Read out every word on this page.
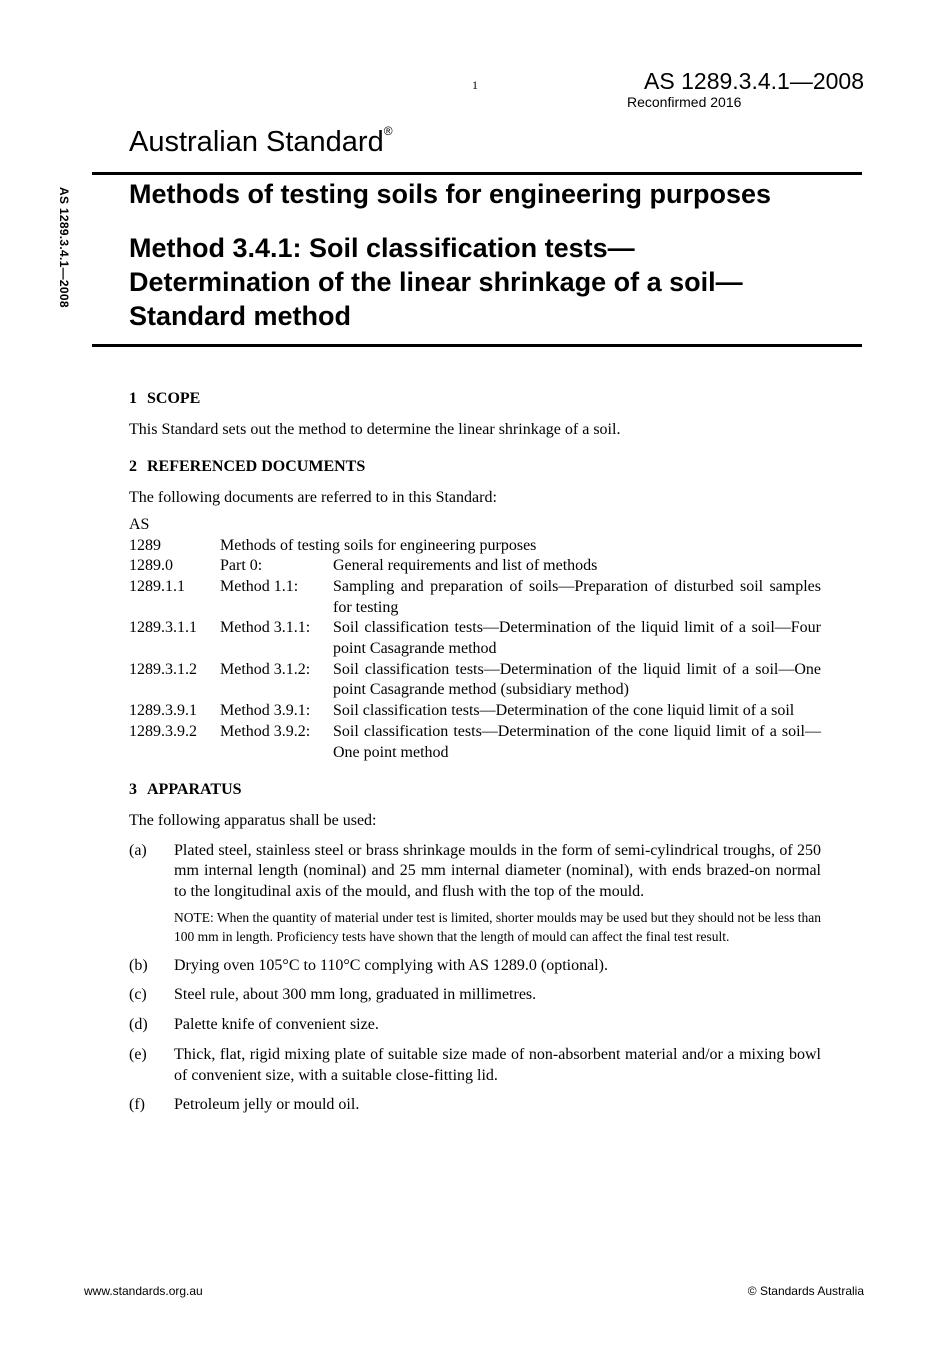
1	AS 1289.3.4.1—2008
Reconfirmed 2016
Australian Standard®
AS 1289.3.4.1—2008 Methods of testing soils for engineering purposes
Method 3.4.1: Soil classification tests—
Determination of the linear shrinkage of a soil—
Standard method

1 SCOPE

This Standard sets out the method to determine the linear shrinkage of a soil.

2 REFERENCED DOCUMENTS

The following documents are referred to in this Standard:

AS		
1289	Methods of testing soils for engineering purposes	
1289.0	Part 0:	General requirements and list of methods
1289.1.1	Method 1.1:	Sampling and preparation of soils—Preparation of disturbed soil samples for testing
1289.3.1.1	Method 3.1.1:	Soil classification tests—Determination of the liquid limit of a soil—Four point Casagrande method
1289.3.1.2	Method 3.1.2:	Soil classification tests—Determination of the liquid limit of a soil—One point Casagrande method (subsidiary method)
1289.3.9.1	Method 3.9.1:	Soil classification tests—Determination of the cone liquid limit of a soil
1289.3.9.2	Method 3.9.2:	Soil classification tests—Determination of the cone liquid limit of a soil—One point method

3 APPARATUS

The following apparatus shall be used:

(a)	Plated steel, stainless steel or brass shrinkage moulds in the form of semi-cylindrical troughs, of 250 mm internal length (nominal) and 25 mm internal diameter (nominal), with ends brazed-on normal to the longitudinal axis of the mould, and flush with the top of the mould.
NOTE: When the quantity of material under test is limited, shorter moulds may be used but they should not be less than 100 mm in length. Proficiency tests have shown that the length of mould can affect the final test result.
(b)	Drying oven 105°C to 110°C complying with AS 1289.0 (optional).
(c)	Steel rule, about 300 mm long, graduated in millimetres.
(d)	Palette knife of convenient size.
(e)	Thick, flat, rigid mixing plate of suitable size made of non-absorbent material and/or a mixing bowl of convenient size, with a suitable close-fitting lid.
(f)	Petroleum jelly or mould oil.
www.standards.org.au	© Standards Australia
